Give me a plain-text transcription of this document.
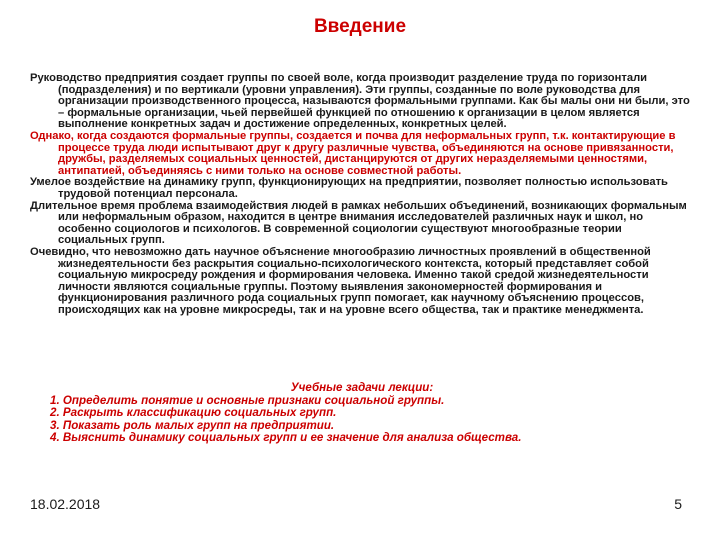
Введение

Руководство предприятия создает группы по своей воле, когда производит разделение труда по горизонтали (подразделения) и по вертикали (уровни управления). Эти группы, созданные по воле руководства для организации производственного процесса, называются формальными группами. Как бы малы они ни были, это – формальные организации, чьей первейшей функцией по отношению к организации в целом является выполнение конкретных задач и достижение определенных, конкретных целей.

Однако, когда создаются формальные группы, создается и почва для неформальных групп, т.к. контактирующие в процессе труда люди испытывают друг к другу различные чувства, объединяются на основе привязанности, дружбы, разделяемых социальных ценностей, дистанцируются от других неразделяемыми ценностями, антипатией, объединяясь с ними только на основе совместной работы.

Умелое воздействие на динамику групп, функционирующих на предприятии, позволяет полностью использовать трудовой потенциал персонала.

Длительное время проблема взаимодействия людей в рамках небольших объединений, возникающих формальным или неформальным образом, находится в центре внимания исследователей различных наук и школ, но особенно социологов и психологов. В современной социологии существуют многообразные теории социальных групп.

Очевидно, что невозможно дать научное объяснение многообразию личностных проявлений в общественной жизнедеятельности без раскрытия социально-психологического контекста, который представляет собой социальную микросреду рождения и формирования человека. Именно такой средой жизнедеятельности личности являются социальные группы. Поэтому выявления закономерностей формирования и функционирования различного рода социальных групп помогает, как научному объяснению процессов, происходящих как на уровне микросреды, так и на уровне всего общества, так и практике менеджмента.

Учебные задачи лекции:

1. Определить понятие и основные признаки социальной группы.
2. Раскрыть классификацию социальных групп.
3. Показать роль малых групп на предприятии.
4. Выяснить динамику социальных групп и ее значение для анализа общества.
18.02.2018	5
